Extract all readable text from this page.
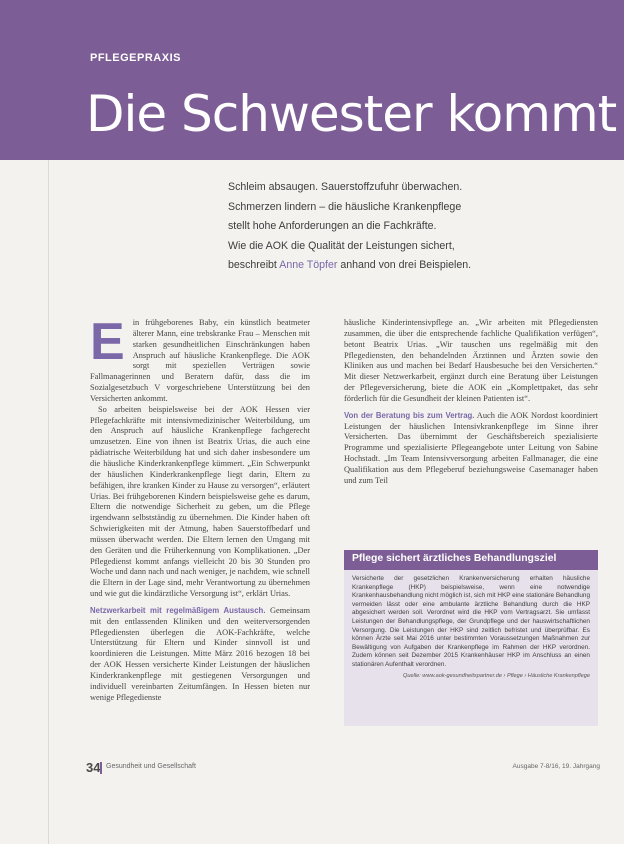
PFLEGEPRAXIS
Die Schwester kommt
Schleim absaugen. Sauerstoffzufuhr überwachen.
Schmerzen lindern – die häusliche Krankenpflege
stellt hohe Anforderungen an die Fachkräfte.
Wie die AOK die Qualität der Leistungen sichert,
beschreibt Anne Töpfer anhand von drei Beispielen.

Ein frühgeborenes Baby, ein künstlich beatmeter älterer Mann, eine trebskranke Frau – Menschen mit starken gesundheitlichen Einschränkungen haben Anspruch auf häusliche Krankenpflege. Die AOK sorgt mit speziellen Verträgen sowie Fallmanagerinnen und Beratern dafür, dass die im Sozialgesetzbuch V vorgeschriebene Unterstützung bei den Versicherten ankommt.

So arbeiten beispielsweise bei der AOK Hessen vier Pflegefachkräfte mit intensivmedizinischer Weiterbildung, um den Anspruch auf häusliche Krankenpflege fachgerecht umzusetzen. Eine von ihnen ist Beatrix Urias, die auch eine pädiatrische Weiterbildung hat und sich daher insbesondere um die häusliche Kinderkrankenpflege kümmert. „Ein Schwerpunkt der häuslichen Kinderkrankenpflege liegt darin, Eltern zu befähigen, ihre kranken Kinder zu Hause zu versorgen“, erläutert Urias. Bei frühgeborenen Kindern beispielsweise gehe es darum, Eltern die notwendige Sicherheit zu geben, um die Pflege irgendwann selbstständig zu übernehmen. Die Kinder haben oft Schwierigkeiten mit der Atmung, haben Sauerstoffbedarf und müssen überwacht werden. Die Eltern lernen den Umgang mit den Geräten und die Früherkennung von Komplikationen. „Der Pflegedienst kommt anfangs vielleicht 20 bis 30 Stunden pro Woche und dann nach und nach weniger, je nachdem, wie schnell die Eltern in der Lage sind, mehr Verantwortung zu übernehmen und wie gut die kindärztliche Versorgung ist“, erklärt Urias.

Netzwerkarbeit mit regelmäßigem Austausch. Gemeinsam mit den entlassenden Kliniken und den weiterversorgenden Pflegediensten überlegen die AOK-Fachkräfte, welche Unterstützung für Eltern und Kinder sinnvoll ist und koordinieren die Leistungen. Mitte März 2016 bezogen 18 bei der AOK Hessen versicherte Kinder Leistungen der häuslichen Kinderkrankenpflege mit gestiegenen Versorgungen und individuell vereinbarten Zeitumfängen. In Hessen bieten nur wenige Pflegedienste

häusliche Kinderintensivpflege an. „Wir arbeiten mit Pflegediensten zusammen, die über die entsprechende fachliche Qualifikation verfügen“, betont Beatrix Urias. „Wir tauschen uns regelmäßig mit den Pflegediensten, den behandelnden Ärztinnen und Ärzten sowie den Kliniken aus und machen bei Bedarf Hausbesuche bei den Versicherten.“ Mit dieser Netzwerkarbeit, ergänzt durch eine Beratung über Leistungen der Pflegeversicherung, biete die AOK ein „Komplettpaket, das sehr förderlich für die Gesundheit der kleinen Patienten ist“.

Von der Beratung bis zum Vertrag. Auch die AOK Nordost koordiniert Leistungen der häuslichen Intensivkrankenpflege im Sinne ihrer Versicherten. Das übernimmt der Geschäftsbereich spezialisierte Programme und spezialisierte Pflegeangebote unter Leitung von Sabine Hochstadt. „Im Team Intensivversorgung arbeiten Fallmanager, die eine Qualifikation aus dem Pflegeberuf beziehungsweise Casemanager haben und zum Teil

Pflege sichert ärztliches Behandlungsziel
Versicherte der gesetzlichen Krankenversicherung erhalten häusliche Krankenpflege (HKP) beispielsweise, wenn eine notwendige Krankenhausbehandlung nicht möglich ist, sich mit HKP eine stationäre Behandlung vermeiden lässt oder eine ambulante ärztliche Behandlung durch die HKP abgesichert werden soll. Verordnet wird die HKP vom Vertragsarzt. Sie umfasst Leistungen der Behandlungspflege, der Grundpflege und der hauswirtschaftlichen Versorgung. Die Leistungen der HKP sind zeitlich befristet und überprüfbar. Es können Ärzte seit Mai 2016 unter bestimmten Voraussetzungen Maßnahmen zur Bewältigung von Aufgaben der Krankenpflege im Rahmen der HKP verordnen. Zudem können seit Dezember 2015 Krankenhäuser HKP im Anschluss an einen stationären Aufenthalt verordnen.
Quelle: www.aok-gesundheitspartner.de › Pflege › Häusliche Krankenpflege
34 Gesundheit und Gesellschaft	Ausgabe 7-8/16, 19. Jahrgang
